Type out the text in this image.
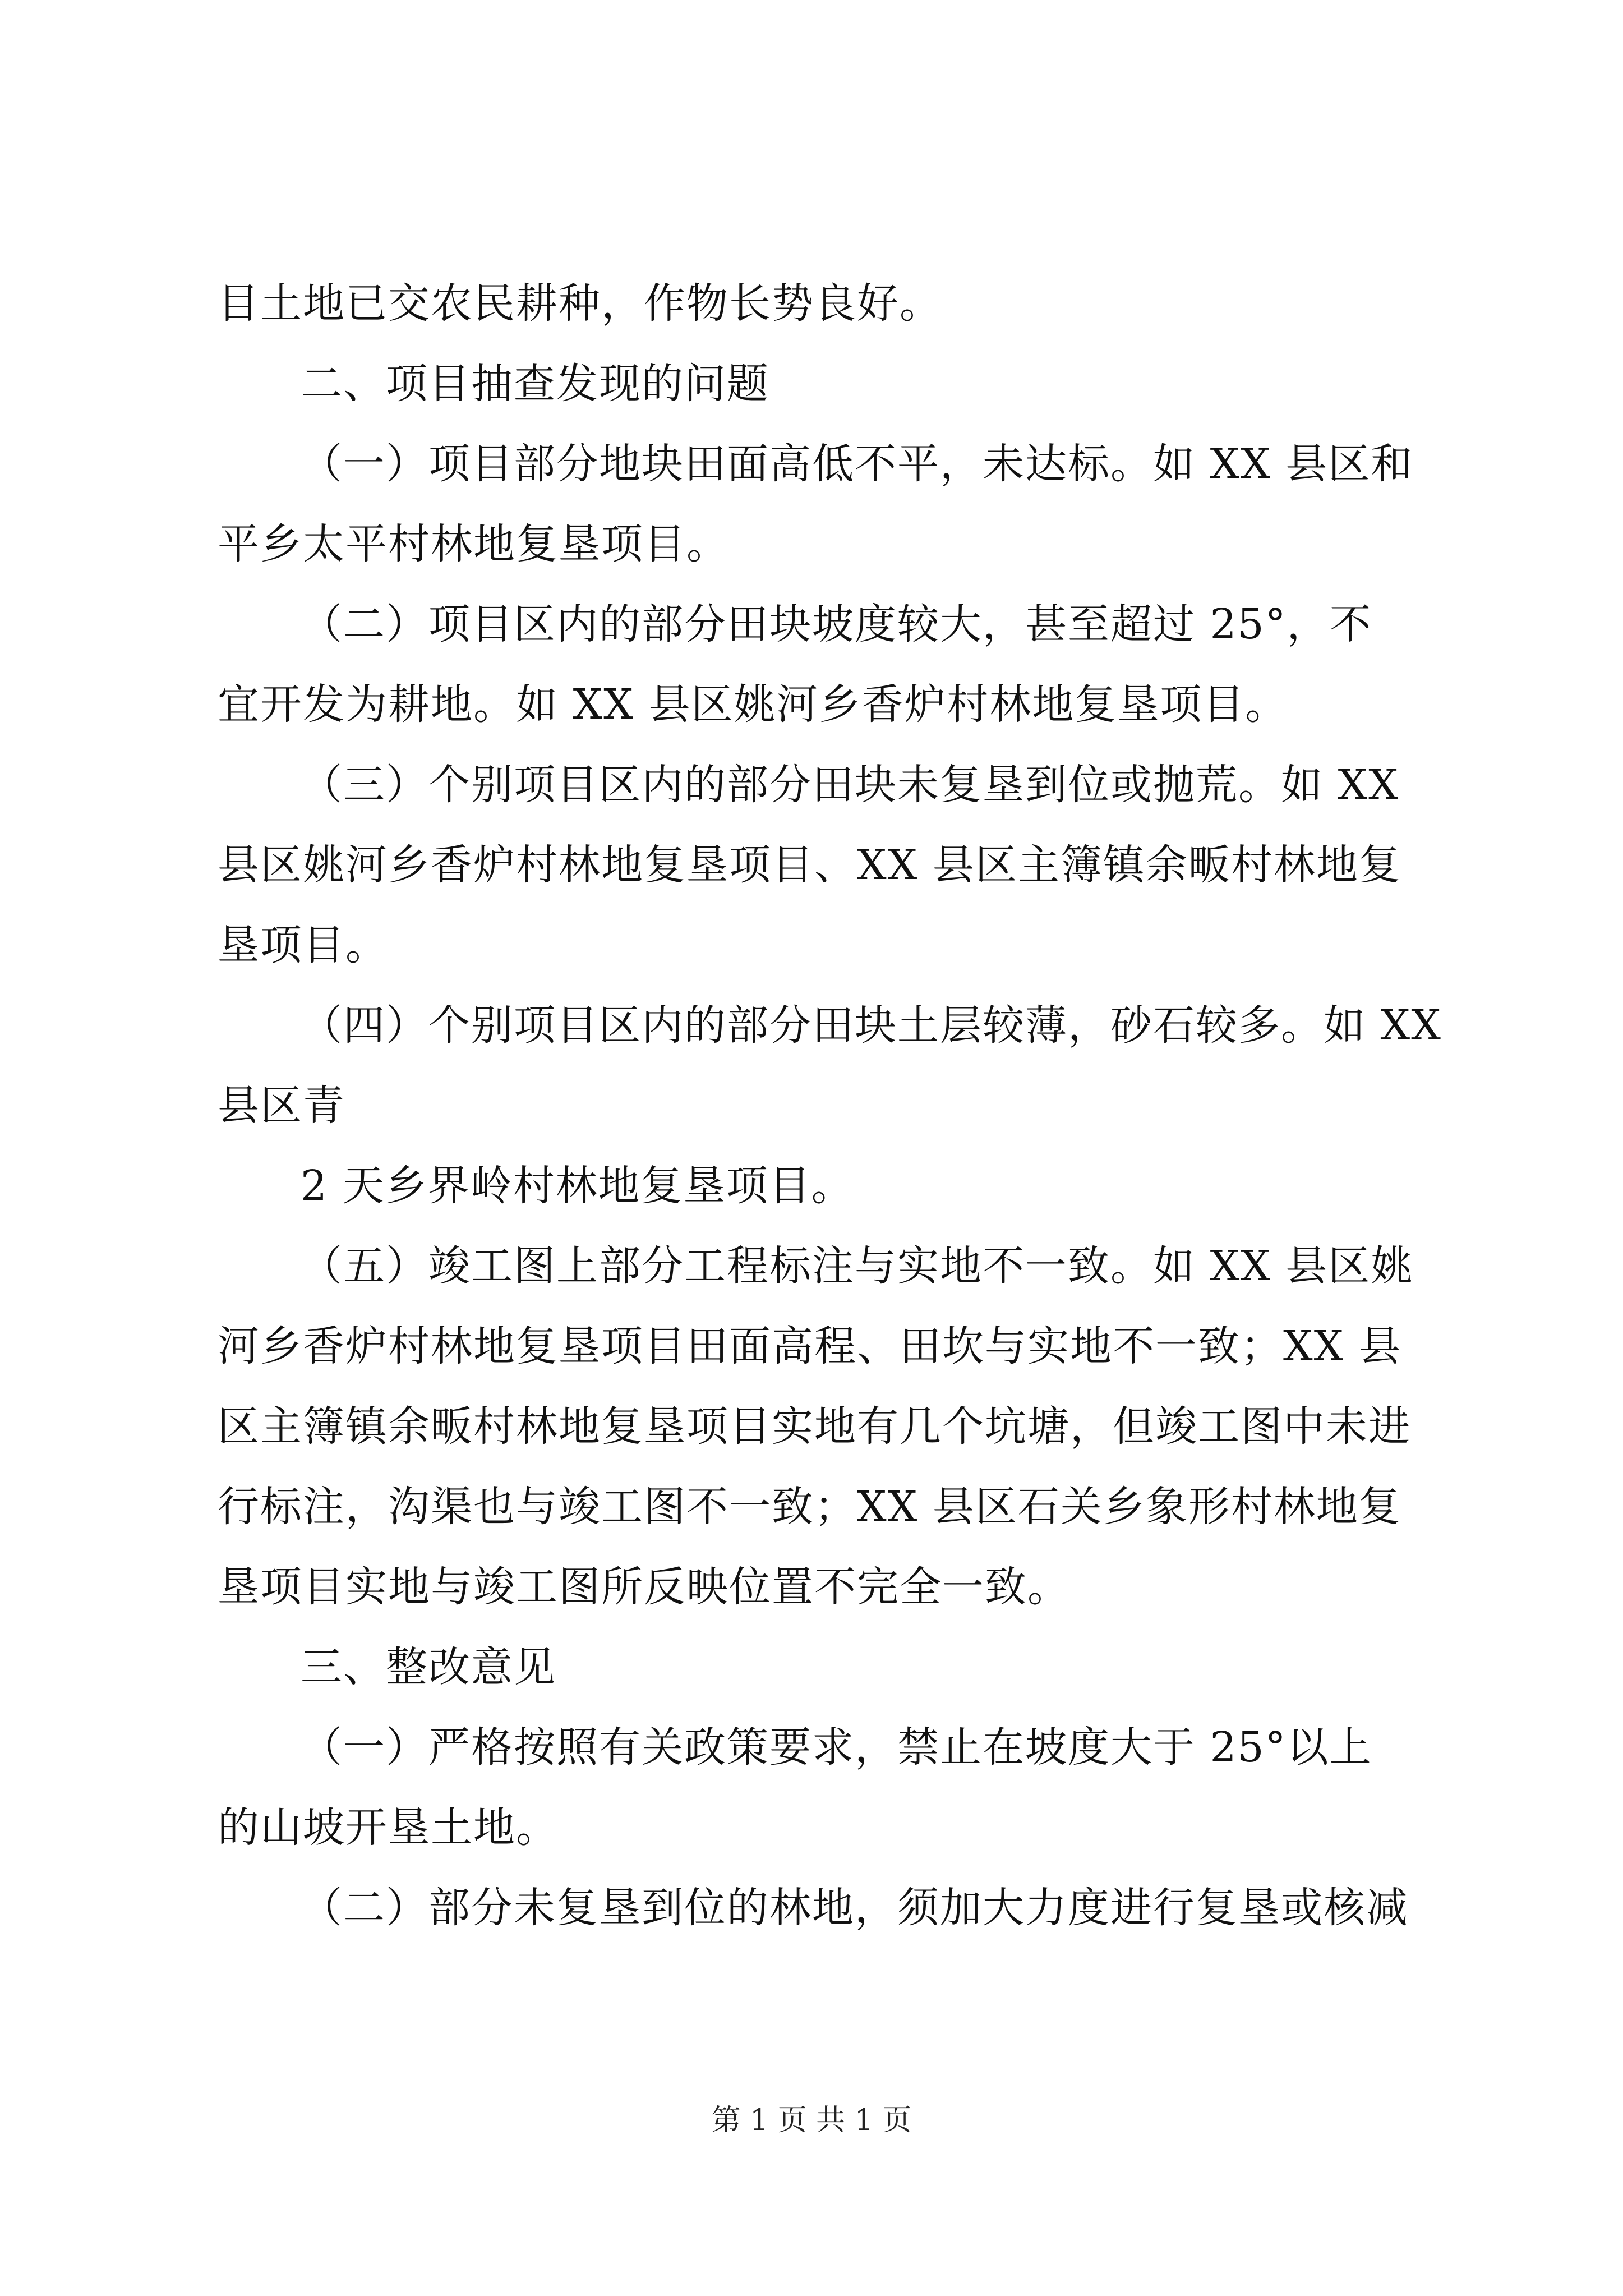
目土地已交农民耕种，作物长势良好。
二、项目抽查发现的问题
（一）项目部分地块田面高低不平，未达标。如 XX 县区和
平乡太平村林地复垦项目。
（二）项目区内的部分田块坡度较大，甚至超过 25°，不
宜开发为耕地。如 XX 县区姚河乡香炉村林地复垦项目。
（三）个别项目区内的部分田块未复垦到位或抛荒。如 XX
县区姚河乡香炉村林地复垦项目、XX 县区主簿镇余畈村林地复
垦项目。
（四）个别项目区内的部分田块土层较薄，砂石较多。如 XX
县区青
2 天乡界岭村林地复垦项目。
（五）竣工图上部分工程标注与实地不一致。如 XX 县区姚
河乡香炉村林地复垦项目田面高程、田坎与实地不一致；XX 县
区主簿镇余畈村林地复垦项目实地有几个坑塘，但竣工图中未进
行标注，沟渠也与竣工图不一致；XX 县区石关乡象形村林地复
垦项目实地与竣工图所反映位置不完全一致。
三、整改意见
（一）严格按照有关政策要求，禁止在坡度大于 25°以上
的山坡开垦土地。
（二）部分未复垦到位的林地，须加大力度进行复垦或核减
第 1 页 共 1 页
